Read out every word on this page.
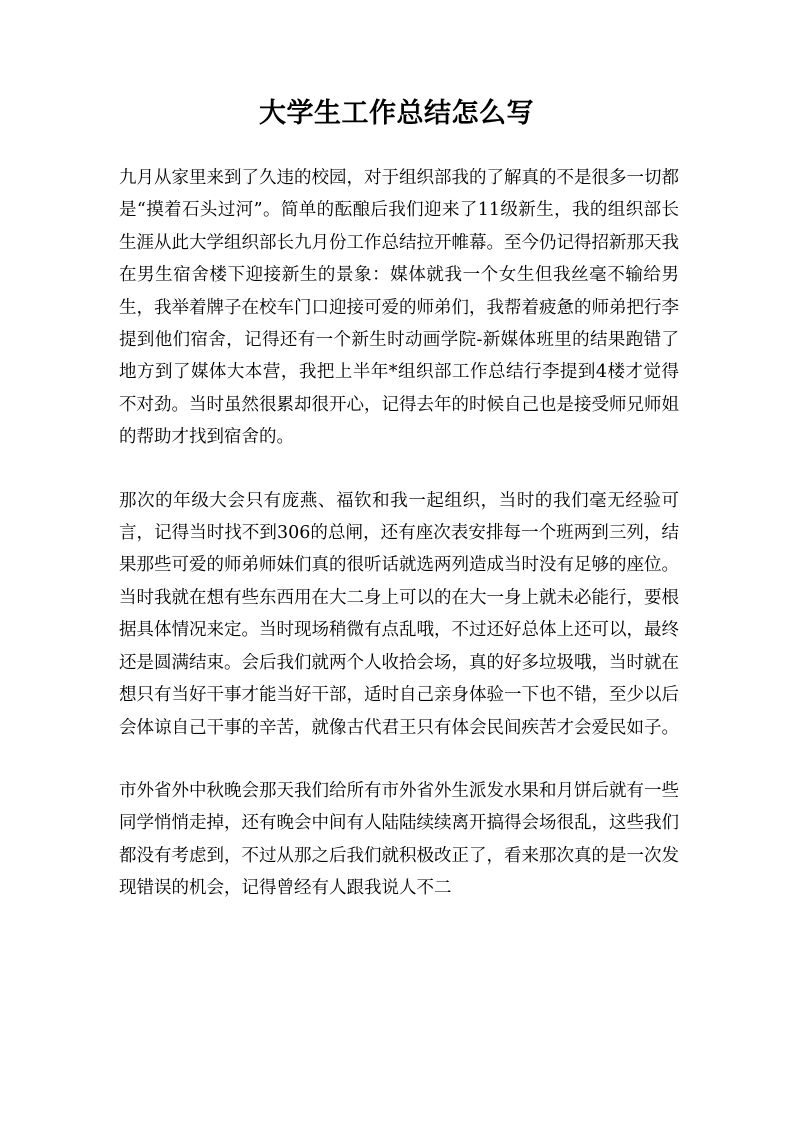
大学生工作总结怎么写

九月从家里来到了久违的校园，对于组织部我的了解真的不是很多一切都是“摸着石头过河”。简单的酝酿后我们迎来了11级新生，我的组织部长生涯从此大学组织部长九月份工作总结拉开帷幕。至今仍记得招新那天我在男生宿舍楼下迎接新生的景象：媒体就我一个女生但我丝毫不输给男生，我举着牌子在校车门口迎接可爱的师弟们，我帮着疲惫的师弟把行李提到他们宿舍，记得还有一个新生时动画学院-新媒体班里的结果跑错了地方到了媒体大本营，我把上半年*组织部工作总结行李提到4楼才觉得不对劲。当时虽然很累却很开心，记得去年的时候自己也是接受师兄师姐的帮助才找到宿舍的。

那次的年级大会只有庞燕、福钦和我一起组织，当时的我们毫无经验可言，记得当时找不到306的总闸，还有座次表安排每一个班两到三列，结果那些可爱的师弟师妹们真的很听话就选两列造成当时没有足够的座位。当时我就在想有些东西用在大二身上可以的在大一身上就未必能行，要根据具体情况来定。当时现场稍微有点乱哦，不过还好总体上还可以，最终还是圆满结束。会后我们就两个人收拾会场，真的好多垃圾哦，当时就在想只有当好干事才能当好干部，适时自己亲身体验一下也不错，至少以后会体谅自己干事的辛苦，就像古代君王只有体会民间疾苦才会爱民如子。

市外省外中秋晚会那天我们给所有市外省外生派发水果和月饼后就有一些同学悄悄走掉，还有晚会中间有人陆陆续续离开搞得会场很乱，这些我们都没有考虑到，不过从那之后我们就积极改正了，看来那次真的是一次发现错误的机会，记得曾经有人跟我说人不二
